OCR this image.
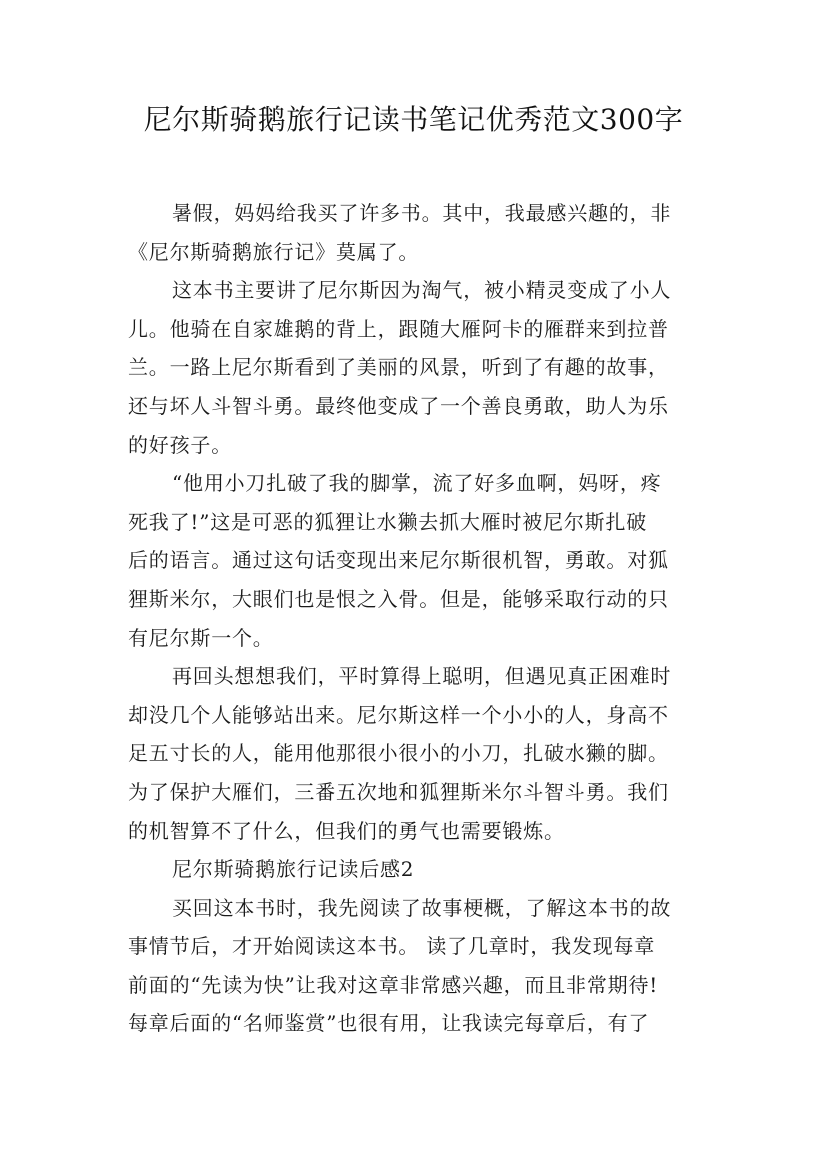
尼尔斯骑鹅旅行记读书笔记优秀范文300字
暑假，妈妈给我买了许多书。其中，我最感兴趣的，非
《尼尔斯骑鹅旅行记》莫属了。
这本书主要讲了尼尔斯因为淘气，被小精灵变成了小人
儿。他骑在自家雄鹅的背上，跟随大雁阿卡的雁群来到拉普
兰。一路上尼尔斯看到了美丽的风景，听到了有趣的故事，
还与坏人斗智斗勇。最终他变成了一个善良勇敢，助人为乐
的好孩子。
“他用小刀扎破了我的脚掌，流了好多血啊，妈呀，疼
死我了!”这是可恶的狐狸让水獭去抓大雁时被尼尔斯扎破
后的语言。通过这句话变现出来尼尔斯很机智，勇敢。对狐
狸斯米尔，大眼们也是恨之入骨。但是，能够采取行动的只
有尼尔斯一个。
再回头想想我们，平时算得上聪明，但遇见真正困难时
却没几个人能够站出来。尼尔斯这样一个小小的人，身高不
足五寸长的人，能用他那很小很小的小刀，扎破水獭的脚。
为了保护大雁们，三番五次地和狐狸斯米尔斗智斗勇。我们
的机智算不了什么，但我们的勇气也需要锻炼。
尼尔斯骑鹅旅行记读后感2
买回这本书时，我先阅读了故事梗概，了解这本书的故
事情节后，才开始阅读这本书。 读了几章时，我发现每章
前面的“先读为快”让我对这章非常感兴趣，而且非常期待!
每章后面的“名师鉴赏”也很有用，让我读完每章后，有了
